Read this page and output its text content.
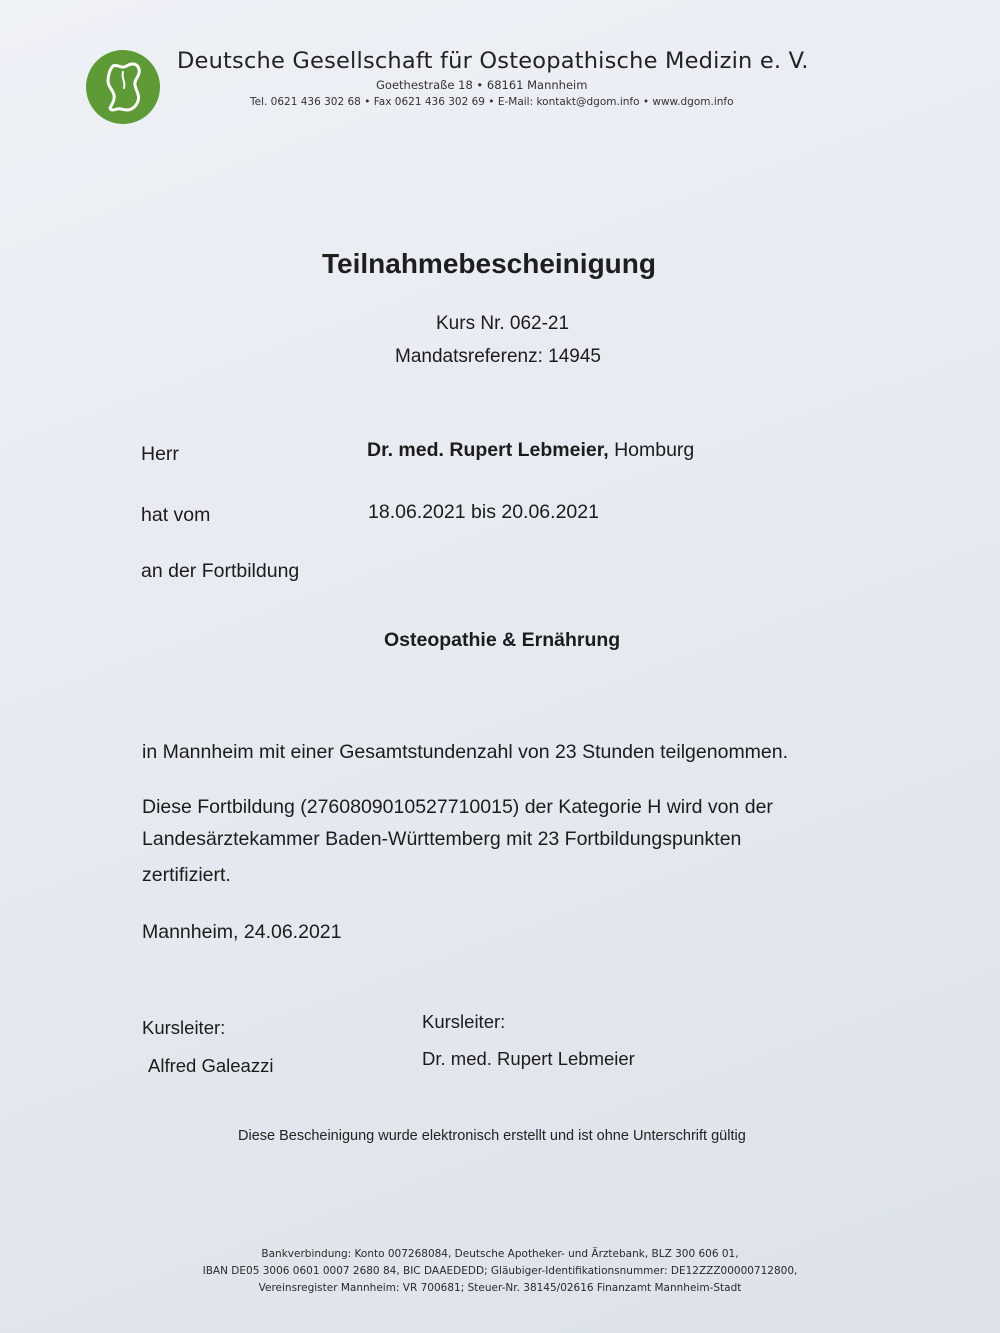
Deutsche Gesellschaft für Osteopathische Medizin e. V.
Goethestraße 18 • 68161 Mannheim
Tel. 0621 436 302 68 • Fax 0621 436 302 69 • E-Mail: kontakt@dgom.info • www.dgom.info
Teilnahmebescheinigung
Kurs Nr. 062-21
Mandatsreferenz: 14945
Herr	Dr. med. Rupert Lebmeier, Homburg
hat vom	18.06.2021 bis 20.06.2021
an der Fortbildung
Osteopathie & Ernährung
in Mannheim mit einer Gesamtstundenzahl von 23 Stunden teilgenommen.
Diese Fortbildung (2760809010527710015) der Kategorie H wird von der
Landesärztekammer Baden-Württemberg mit 23 Fortbildungspunkten
zertifiziert.
Mannheim, 24.06.2021
Kursleiter:
Alfred Galeazzi
Kursleiter:
Dr. med. Rupert Lebmeier
Diese Bescheinigung wurde elektronisch erstellt und ist ohne Unterschrift gültig
Bankverbindung: Konto 007268084, Deutsche Apotheker- und Ärztebank, BLZ 300 606 01,
IBAN DE05 3006 0601 0007 2680 84, BIC DAAEDEDD; Gläubiger-Identifikationsnummer: DE12ZZZ00000712800,
Vereinsregister Mannheim: VR 700681; Steuer-Nr. 38145/02616 Finanzamt Mannheim-Stadt
